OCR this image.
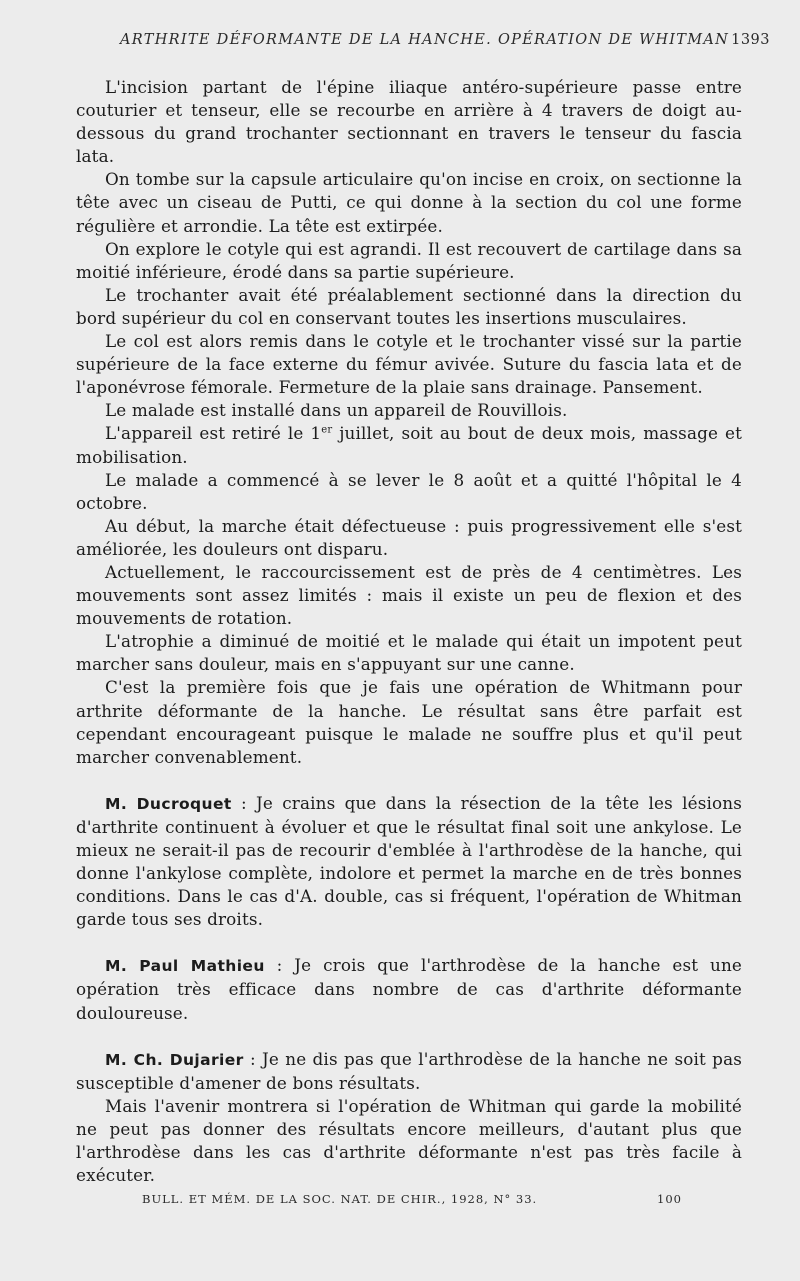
ARTHRITE DÉFORMANTE DE LA HANCHE. OPÉRATION DE WHITMAN 1393

L'incision partant de l'épine iliaque antéro-supérieure passe entre couturier et tenseur, elle se recourbe en arrière à 4 travers de doigt au-dessous du grand trochanter sectionnant en travers le tenseur du fascia lata.

On tombe sur la capsule articulaire qu'on incise en croix, on sectionne la tête avec un ciseau de Putti, ce qui donne à la section du col une forme régulière et arrondie. La tête est extirpée.

On explore le cotyle qui est agrandi. Il est recouvert de cartilage dans sa moitié inférieure, érodé dans sa partie supérieure.

Le trochanter avait été préalablement sectionné dans la direction du bord supérieur du col en conservant toutes les insertions musculaires.

Le col est alors remis dans le cotyle et le trochanter vissé sur la partie supérieure de la face externe du fémur avivée. Suture du fascia lata et de l'aponévrose fémorale. Fermeture de la plaie sans drainage. Pansement.

Le malade est installé dans un appareil de Rouvillois.

L'appareil est retiré le 1er juillet, soit au bout de deux mois, massage et mobilisation.

Le malade a commencé à se lever le 8 août et a quitté l'hôpital le 4 octobre.

Au début, la marche était défectueuse : puis progressivement elle s'est améliorée, les douleurs ont disparu.

Actuellement, le raccourcissement est de près de 4 centimètres. Les mouvements sont assez limités : mais il existe un peu de flexion et des mouvements de rotation.

L'atrophie a diminué de moitié et le malade qui était un impotent peut marcher sans douleur, mais en s'appuyant sur une canne.

C'est la première fois que je fais une opération de Whitmann pour arthrite déformante de la hanche. Le résultat sans être parfait est cependant encourageant puisque le malade ne souffre plus et qu'il peut marcher convenablement.

M. Ducroquet : Je crains que dans la résection de la tête les lésions d'arthrite continuent à évoluer et que le résultat final soit une ankylose. Le mieux ne serait-il pas de recourir d'emblée à l'arthrodèse de la hanche, qui donne l'ankylose complète, indolore et permet la marche en de très bonnes conditions. Dans le cas d'A. double, cas si fréquent, l'opération de Whitman garde tous ses droits.

M. Paul Mathieu : Je crois que l'arthrodèse de la hanche est une opération très efficace dans nombre de cas d'arthrite déformante douloureuse.

M. Ch. Dujarier : Je ne dis pas que l'arthrodèse de la hanche ne soit pas susceptible d'amener de bons résultats.

Mais l'avenir montrera si l'opération de Whitman qui garde la mobilité ne peut pas donner des résultats encore meilleurs, d'autant plus que l'arthrodèse dans les cas d'arthrite déformante n'est pas très facile à exécuter.

BULL. ET MÉM. DE LA SOC. NAT. DE CHIR., 1928, N° 33.	100
